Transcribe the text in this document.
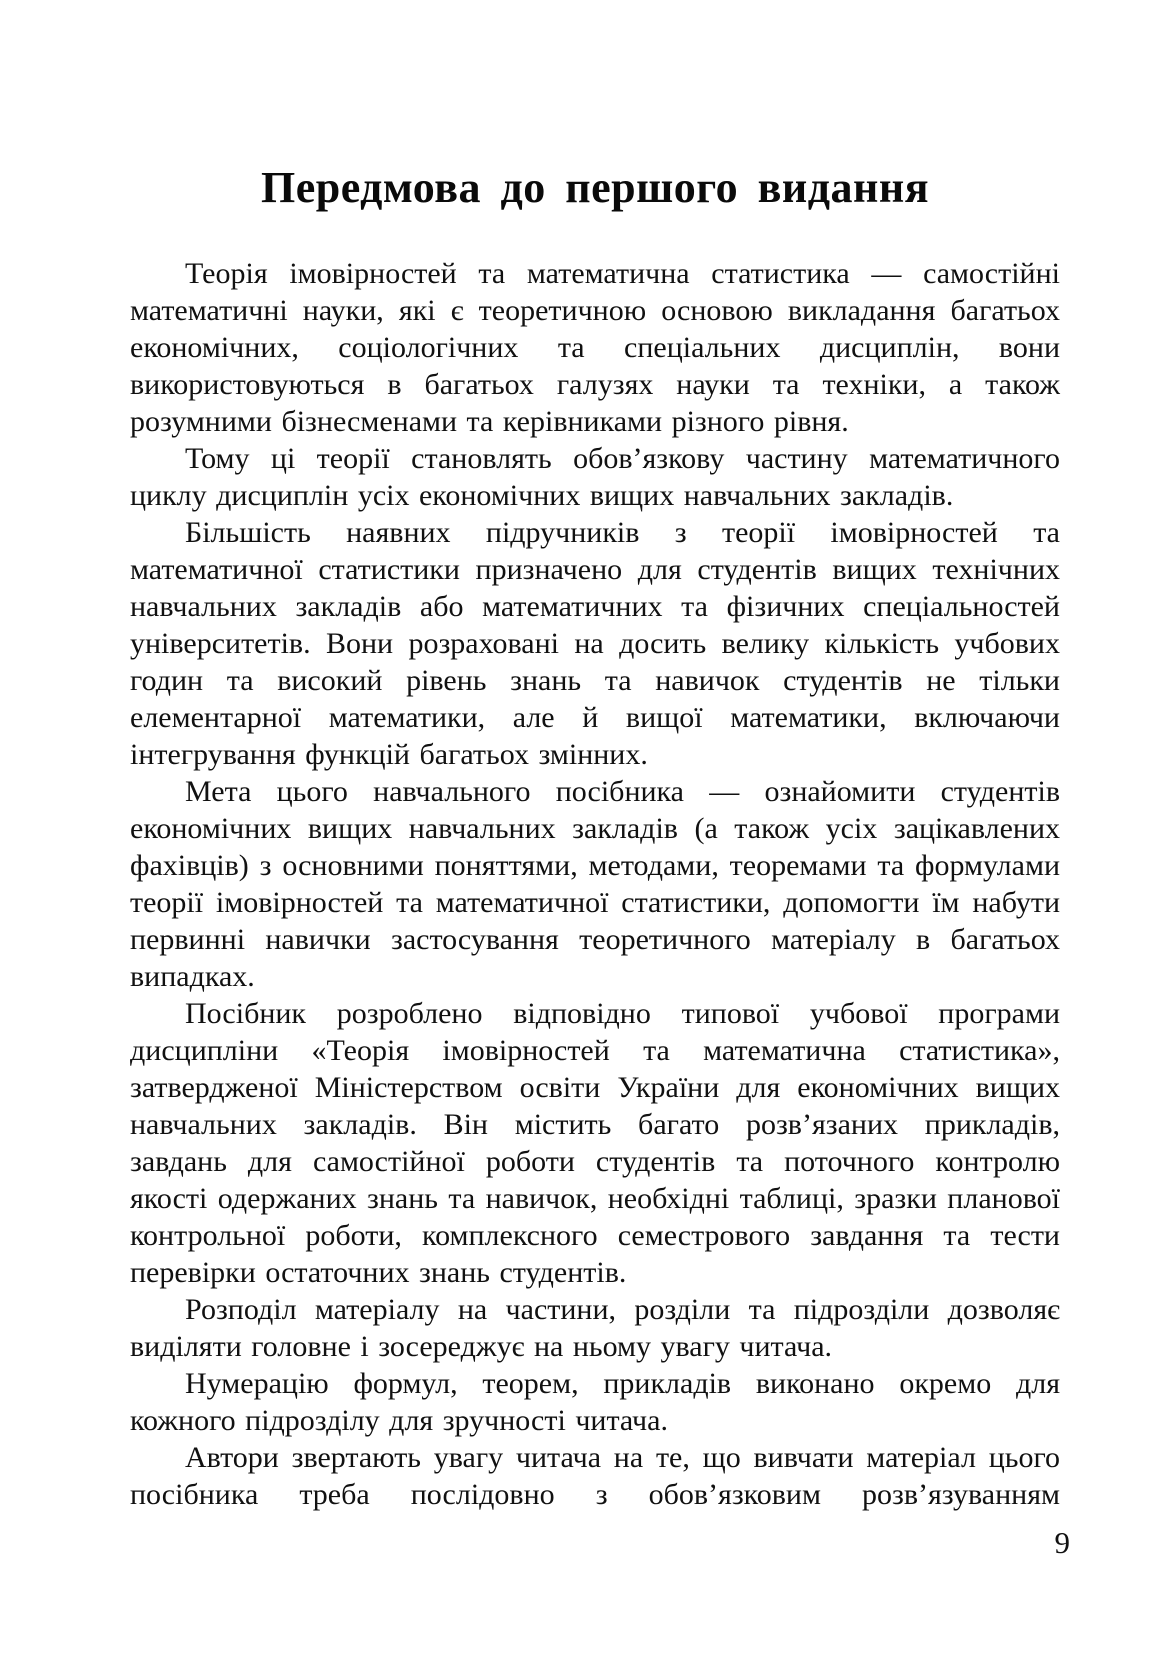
Передмова до першого видання

Теорія імовірностей та математична статистика — самостійні математичні науки, які є теоретичною основою викладання багатьох економічних, соціологічних та спеціальних дисциплін, вони використовуються в багатьох галузях науки та техніки, а також розумними бізнесменами та керівниками різного рівня.

Тому ці теорії становлять обов’язкову частину математичного циклу дисциплін усіх економічних вищих навчальних закладів.

Більшість наявних підручників з теорії імовірностей та математичної статистики призначено для студентів вищих технічних навчальних закладів або математичних та фізичних спеціальностей університетів. Вони розраховані на досить велику кількість учбових годин та високий рівень знань та навичок студентів не тільки елементарної математики, але й вищої математики, включаючи інтегрування функцій багатьох змінних.

Мета цього навчального посібника — ознайомити студентів економічних вищих навчальних закладів (а також усіх зацікавлених фахівців) з основними поняттями, методами, теоремами та формулами теорії імовірностей та математичної статистики, допомогти їм набути первинні навички застосування теоретичного матеріалу в багатьох випадках.

Посібник розроблено відповідно типової учбової програми дисципліни «Теорія імовірностей та математична статистика», затвердженої Міністерством освіти України для економічних вищих навчальних закладів. Він містить багато розв’язаних прикладів, завдань для самостійної роботи студентів та поточного контролю якості одержаних знань та навичок, необхідні таблиці, зразки планової контрольної роботи, комплексного семестрового завдання та тести перевірки остаточних знань студентів.

Розподіл матеріалу на частини, розділи та підрозділи дозволяє виділяти головне і зосереджує на ньому увагу читача.

Нумерацію формул, теорем, прикладів виконано окремо для кожного підрозділу для зручності читача.

Автори звертають увагу читача на те, що вивчати матеріал цього посібника треба послідовно з обов’язковим розв’язуванням

9
